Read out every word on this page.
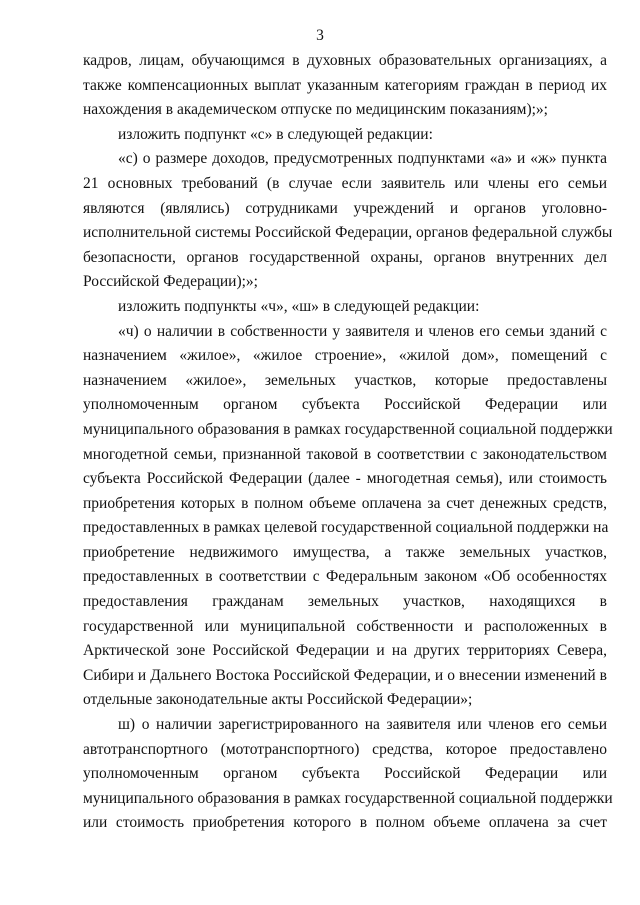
3
кадров, лицам, обучающимся в духовных образовательных организациях, а
также компенсационных выплат указанным категориям граждан в период их
нахождения в академическом отпуске по медицинским показаниям);»;
изложить подпункт «с» в следующей редакции:
«с) о размере доходов, предусмотренных подпунктами «а» и «ж» пункта
21 основных требований (в случае если заявитель или члены его семьи
являются (являлись) сотрудниками учреждений и органов уголовно-
исполнительной системы Российской Федерации, органов федеральной службы
безопасности, органов государственной охраны, органов внутренних дел
Российской Федерации);»;
изложить подпункты «ч», «ш» в следующей редакции:
«ч) о наличии в собственности у заявителя и членов его семьи зданий с
назначением «жилое», «жилое строение», «жилой дом», помещений с
назначением «жилое», земельных участков, которые предоставлены
уполномоченным органом субъекта Российской Федерации или
муниципального образования в рамках государственной социальной поддержки
многодетной семьи, признанной таковой в соответствии с законодательством
субъекта Российской Федерации (далее - многодетная семья), или стоимость
приобретения которых в полном объеме оплачена за счет денежных средств,
предоставленных в рамках целевой государственной социальной поддержки на
приобретение недвижимого имущества, а также земельных участков,
предоставленных в соответствии с Федеральным законом «Об особенностях
предоставления гражданам земельных участков, находящихся в
государственной или муниципальной собственности и расположенных в
Арктической зоне Российской Федерации и на других территориях Севера,
Сибири и Дальнего Востока Российской Федерации, и о внесении изменений в
отдельные законодательные акты Российской Федерации»;
ш) о наличии зарегистрированного на заявителя или членов его семьи
автотранспортного (мототранспортного) средства, которое предоставлено
уполномоченным органом субъекта Российской Федерации или
муниципального образования в рамках государственной социальной поддержки
или стоимость приобретения которого в полном объеме оплачена за счет
